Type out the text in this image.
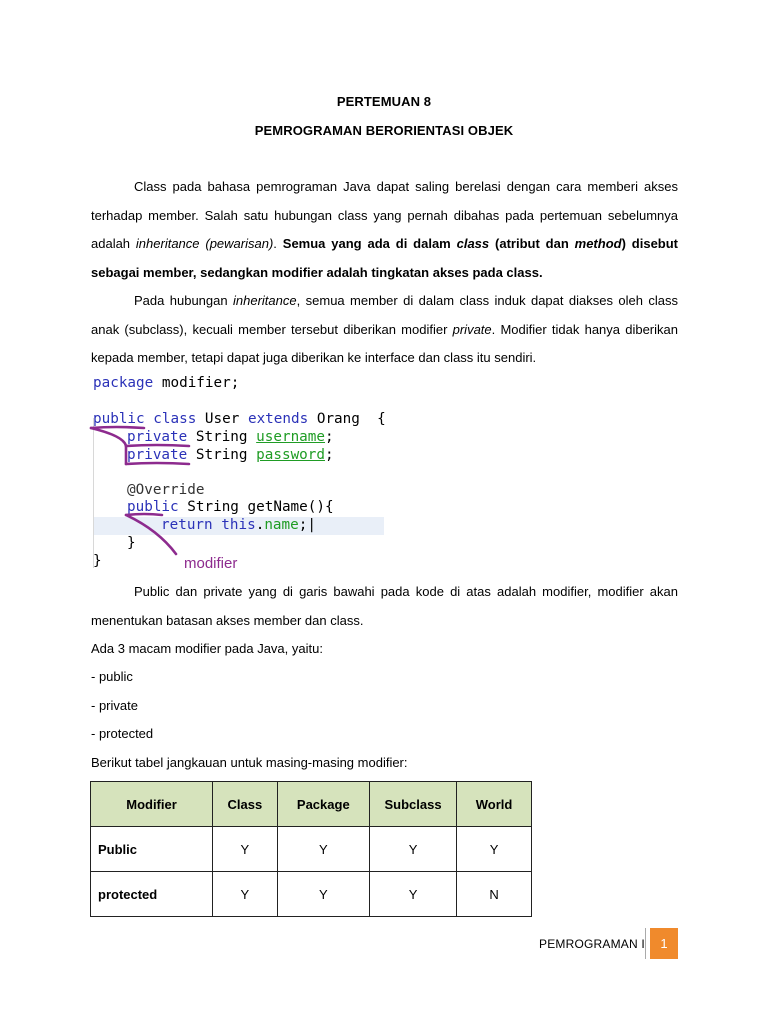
PERTEMUAN 8
PEMROGRAMAN BERORIENTASI OBJEK

Class pada bahasa pemrograman Java dapat saling berelasi dengan cara memberi akses terhadap member. Salah satu hubungan class yang pernah dibahas pada pertemuan sebelumnya adalah inheritance (pewarisan). Semua yang ada di dalam class (atribut dan method) disebut sebagai member, sedangkan modifier adalah tingkatan akses pada class.

Pada hubungan inheritance, semua member di dalam class induk dapat diakses oleh class anak (subclass), kecuali member tersebut diberikan modifier private. Modifier tidak hanya diberikan kepada member, tetapi dapat juga diberikan ke interface dan class itu sendiri.

package modifier;
public class User extends Orang  {
private String username;
private String password;
@Override
public String getName(){
return this.name;|
}
}	modifier

Public dan private yang di garis bawahi pada kode di atas adalah modifier, modifier akan menentukan batasan akses member dan class.

Ada 3 macam modifier pada Java, yaitu:
- public
- private
- protected
Berikut tabel jangkauan untuk masing-masing modifier:
Modifier	Class	Package	Subclass	World
Public	Y	Y	Y	Y
protected	Y	Y	Y	N
PEMROGRAMAN I	1
